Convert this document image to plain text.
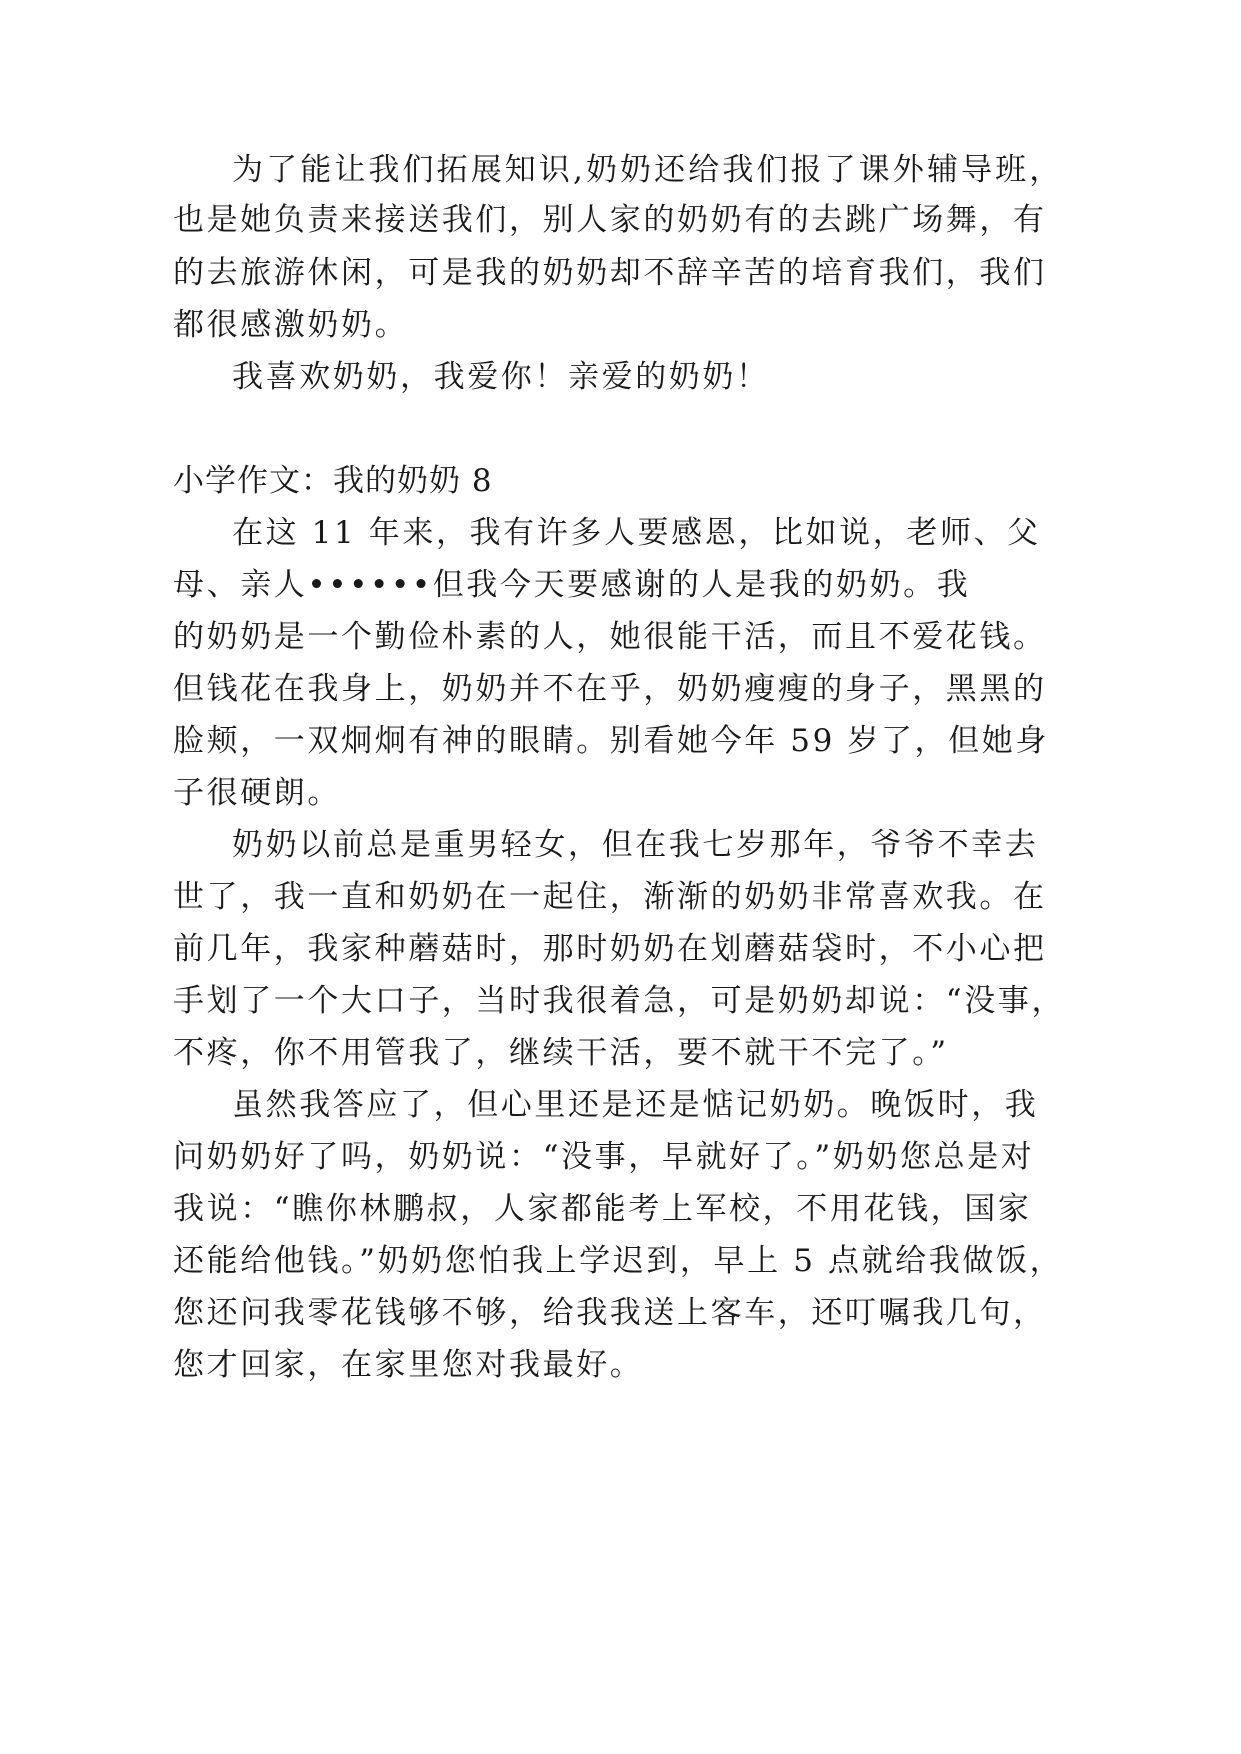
为了能让我们拓展知识,奶奶还给我们报了课外辅导班，

也是她负责来接送我们，别人家的奶奶有的去跳广场舞，有

的去旅游休闲，可是我的奶奶却不辞辛苦的培育我们，我们

都很感激奶奶。

我喜欢奶奶，我爱你！亲爱的奶奶！

小学作文：我的奶奶 8

在这 11 年来，我有许多人要感恩，比如说，老师、父

母、亲人••••••但我今天要感谢的人是我的奶奶。我

的奶奶是一个勤俭朴素的人，她很能干活，而且不爱花钱。

但钱花在我身上，奶奶并不在乎，奶奶瘦瘦的身子，黑黑的

脸颊，一双炯炯有神的眼睛。别看她今年 59 岁了，但她身

子很硬朗。

奶奶以前总是重男轻女，但在我七岁那年，爷爷不幸去

世了，我一直和奶奶在一起住，渐渐的奶奶非常喜欢我。在

前几年，我家种蘑菇时，那时奶奶在划蘑菇袋时，不小心把

手划了一个大口子，当时我很着急，可是奶奶却说：“没事，

不疼，你不用管我了，继续干活，要不就干不完了。”

虽然我答应了，但心里还是还是惦记奶奶。晚饭时，我

问奶奶好了吗，奶奶说：“没事，早就好了。”奶奶您总是对

我说：“瞧你林鹏叔，人家都能考上军校，不用花钱，国家

还能给他钱。”奶奶您怕我上学迟到，早上 5 点就给我做饭，

您还问我零花钱够不够，给我我送上客车，还叮嘱我几句，

您才回家，在家里您对我最好。
